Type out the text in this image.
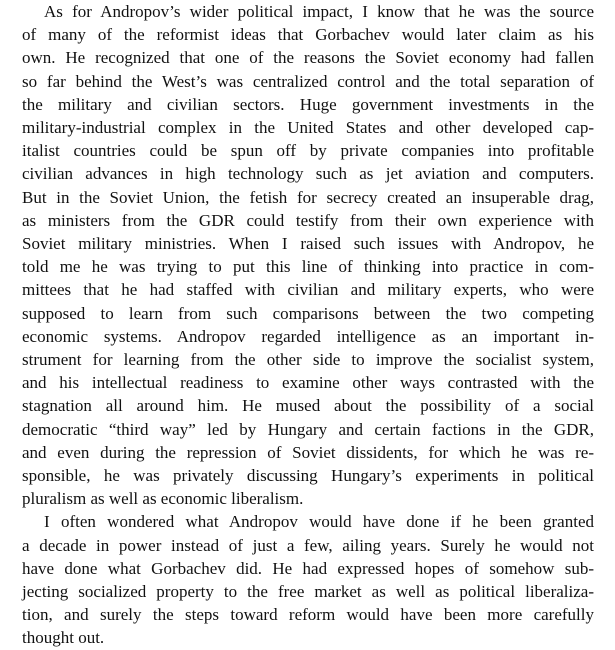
As for Andropov’s wider political impact, I know that he was the source
of many of the reformist ideas that Gorbachev would later claim as his
own. He recognized that one of the reasons the Soviet economy had fallen
so far behind the West’s was centralized control and the total separation of
the military and civilian sectors. Huge government investments in the
military-industrial complex in the United States and other developed cap-
italist countries could be spun off by private companies into profitable
civilian advances in high technology such as jet aviation and computers.
But in the Soviet Union, the fetish for secrecy created an insuperable drag,
as ministers from the GDR could testify from their own experience with
Soviet military ministries. When I raised such issues with Andropov, he
told me he was trying to put this line of thinking into practice in com-
mittees that he had staffed with civilian and military experts, who were
supposed to learn from such comparisons between the two competing
economic systems. Andropov regarded intelligence as an important in-
strument for learning from the other side to improve the socialist system,
and his intellectual readiness to examine other ways contrasted with the
stagnation all around him. He mused about the possibility of a social
democratic “third way” led by Hungary and certain factions in the GDR,
and even during the repression of Soviet dissidents, for which he was re-
sponsible, he was privately discussing Hungary’s experiments in political
pluralism as well as economic liberalism.

I often wondered what Andropov would have done if he been granted
a decade in power instead of just a few, ailing years. Surely he would not
have done what Gorbachev did. He had expressed hopes of somehow sub-
jecting socialized property to the free market as well as political liberaliza-
tion, and surely the steps toward reform would have been more carefully
thought out.
